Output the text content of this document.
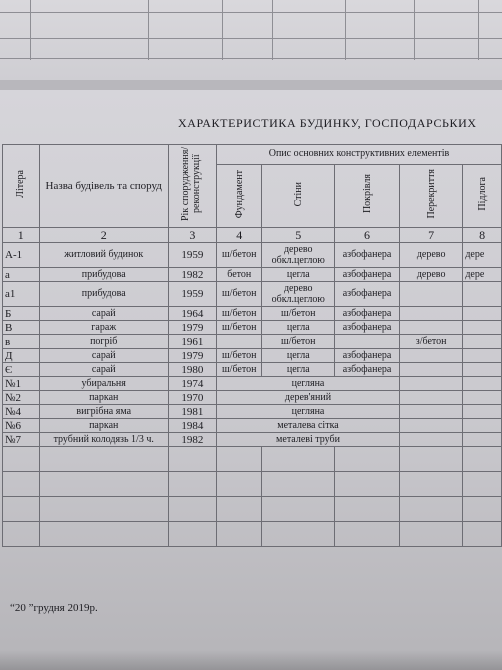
ХАРАКТЕРИСТИКА БУДИНКУ, ГОСПОДАРСЬКИХ
Літера	Назва будівель та споруд	Рік спорудження/реконструкції	Опис основних конструктивних елементів				
			Фундамент	Стіни	Покрівля	Перекриття	Підлога
1	2	3	4	5	6	7	8
А-1	житловий будинок	1959	ш/бетон	дерево обкл.цеглою	азбофанера	дерево	дере
а	прибудова	1982	бетон	цегла	азбофанера	дерево	дере
а1	прибудова	1959	ш/бетон	дерево обкл.цеглою	азбофанера		
Б	сарай	1964	ш/бетон	ш/бетон	азбофанера		
В	гараж	1979	ш/бетон	цегла	азбофанера		
в	погріб	1961		ш/бетон		з/бетон	
Д	сарай	1979	ш/бетон	цегла	азбофанера		
Є	сарай	1980	ш/бетон	цегла	азбофанера		
№1	убиральня	1974	цегляна				
№2	паркан	1970	дерев'яний				
№4	вигрібна яма	1981	цегляна				
№6	паркан	1984	металева сітка				
№7	трубний колодязь 1/3 ч.	1982	металеві труби				

“20 ”грудня 2019р.
